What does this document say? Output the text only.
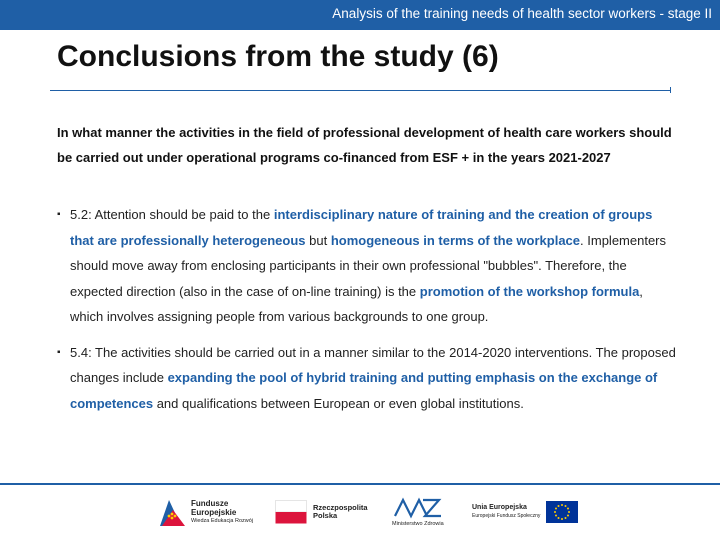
Analysis of the training needs of health sector workers - stage II
Conclusions from the study (6)
In what manner the activities in the field of professional development of health care workers should be carried out under operational programs co-financed from ESF + in the years 2021-2027
▪ 5.2: Attention should be paid to the interdisciplinary nature of training and the creation of groups that are professionally heterogeneous but homogeneous in terms of the workplace. Implementers should move away from enclosing participants in their own professional "bubbles". Therefore, the expected direction (also in the case of on-line training) is the promotion of the workshop formula, which involves assigning people from various backgrounds to one group.
▪ 5.4: The activities should be carried out in a manner similar to the 2014-2020 interventions. The proposed changes include expanding the pool of hybrid training and putting emphasis on the exchange of competences and qualifications between European or even global institutions.
Fundusze
Europejskie
Wiedza Edukacja Rozwój
Rzeczpospolita
Polska
Ministerstwo Zdrowia
Unia Europejska
Europejski Fundusz Społeczny
